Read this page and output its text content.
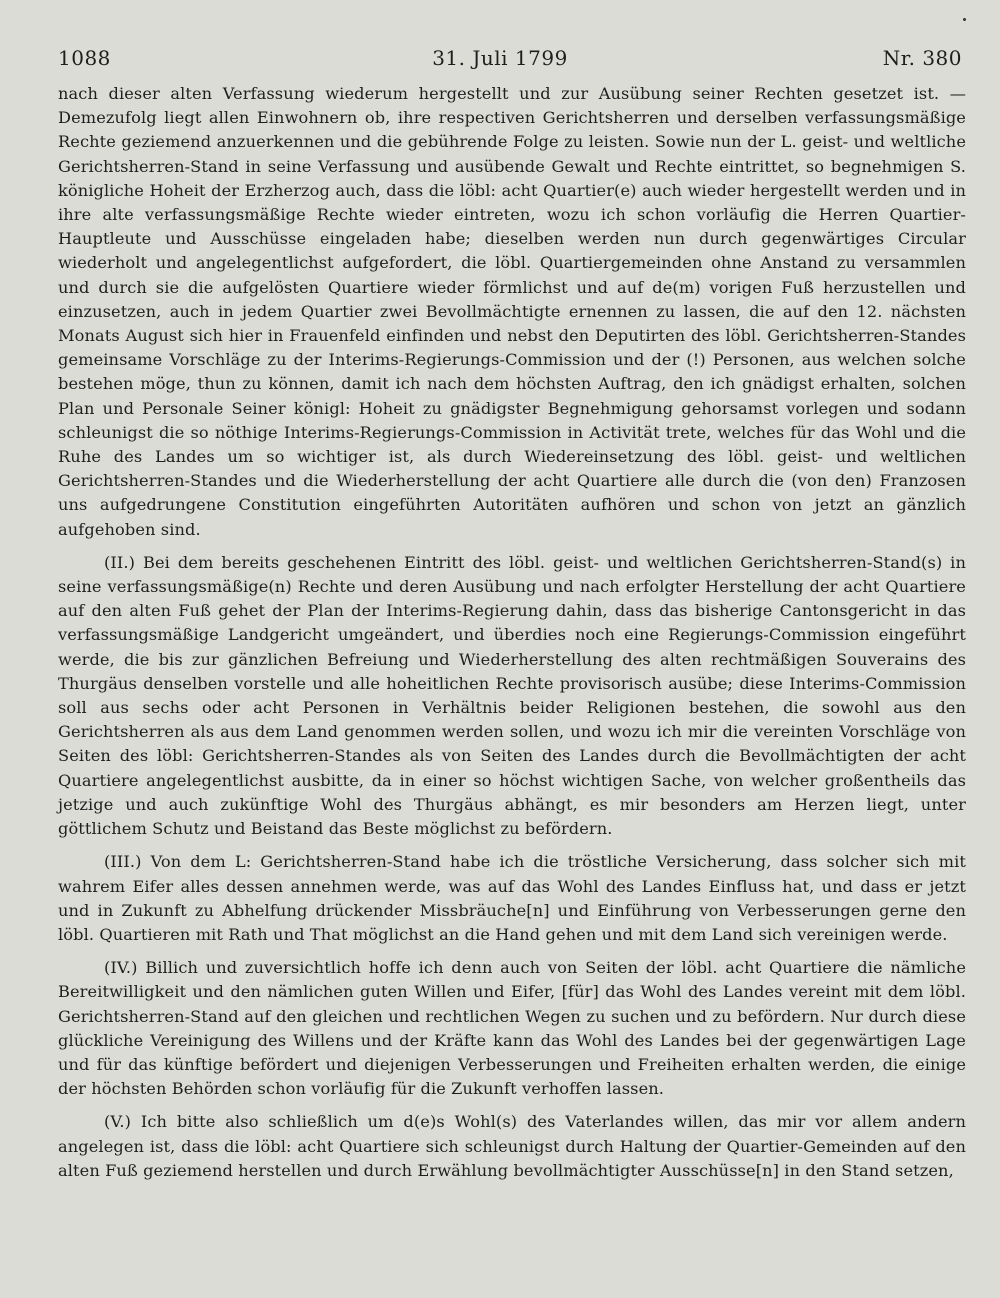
1088	31. Juli 1799	Nr. 380

nach dieser alten Verfassung wiederum hergestellt und zur Ausübung seiner Rechten gesetzet ist. — Demezufolg liegt allen Einwohnern ob, ihre respectiven Gerichtsherren und derselben verfassungsmäßige Rechte geziemend anzuerkennen und die gebührende Folge zu leisten. Sowie nun der L. geist- und weltliche Gerichtsherren-Stand in seine Verfassung und ausübende Gewalt und Rechte eintrittet, so begnehmigen S. königliche Hoheit der Erzherzog auch, dass die löbl: acht Quartier(e) auch wieder hergestellt werden und in ihre alte verfassungsmäßige Rechte wieder eintreten, wozu ich schon vorläufig die Herren Quartier-Hauptleute und Ausschüsse eingeladen habe; dieselben werden nun durch gegenwärtiges Circular wiederholt und angelegentlichst aufgefordert, die löbl. Quartiergemeinden ohne Anstand zu versammlen und durch sie die aufgelösten Quartiere wieder förmlichst und auf de(m) vorigen Fuß herzustellen und einzusetzen, auch in jedem Quartier zwei Bevollmächtigte ernennen zu lassen, die auf den 12. nächsten Monats August sich hier in Frauenfeld einfinden und nebst den Deputirten des löbl. Gerichtsherren-Standes gemeinsame Vorschläge zu der Interims-Regierungs-Commission und der (!) Personen, aus welchen solche bestehen möge, thun zu können, damit ich nach dem höchsten Auftrag, den ich gnädigst erhalten, solchen Plan und Personale Seiner königl: Hoheit zu gnädigster Begnehmigung gehorsamst vorlegen und sodann schleunigst die so nöthige Interims-Regierungs-Commission in Activität trete, welches für das Wohl und die Ruhe des Landes um so wichtiger ist, als durch Wiedereinsetzung des löbl. geist- und weltlichen Gerichtsherren-Standes und die Wiederherstellung der acht Quartiere alle durch die (von den) Franzosen uns aufgedrungene Constitution eingeführten Autoritäten aufhören und schon von jetzt an gänzlich aufgehoben sind.

(II.) Bei dem bereits geschehenen Eintritt des löbl. geist- und weltlichen Gerichtsherren-Stand(s) in seine verfassungsmäßige(n) Rechte und deren Ausübung und nach erfolgter Herstellung der acht Quartiere auf den alten Fuß gehet der Plan der Interims-Regierung dahin, dass das bisherige Cantonsgericht in das verfassungsmäßige Landgericht umgeändert, und überdies noch eine Regierungs-Commission eingeführt werde, die bis zur gänzlichen Befreiung und Wiederherstellung des alten rechtmäßigen Souverains des Thurgäus denselben vorstelle und alle hoheitlichen Rechte provisorisch ausübe; diese Interims-Commission soll aus sechs oder acht Personen in Verhältnis beider Religionen bestehen, die sowohl aus den Gerichtsherren als aus dem Land genommen werden sollen, und wozu ich mir die vereinten Vorschläge von Seiten des löbl: Gerichtsherren-Standes als von Seiten des Landes durch die Bevollmächtigten der acht Quartiere angelegentlichst ausbitte, da in einer so höchst wichtigen Sache, von welcher großentheils das jetzige und auch zukünftige Wohl des Thurgäus abhängt, es mir besonders am Herzen liegt, unter göttlichem Schutz und Beistand das Beste möglichst zu befördern.

(III.) Von dem L: Gerichtsherren-Stand habe ich die tröstliche Versicherung, dass solcher sich mit wahrem Eifer alles dessen annehmen werde, was auf das Wohl des Landes Einfluss hat, und dass er jetzt und in Zukunft zu Abhelfung drückender Missbräuche[n] und Einführung von Verbesserungen gerne den löbl. Quartieren mit Rath und That möglichst an die Hand gehen und mit dem Land sich vereinigen werde.

(IV.) Billich und zuversichtlich hoffe ich denn auch von Seiten der löbl. acht Quartiere die nämliche Bereitwilligkeit und den nämlichen guten Willen und Eifer, [für] das Wohl des Landes vereint mit dem löbl. Gerichtsherren-Stand auf den gleichen und rechtlichen Wegen zu suchen und zu befördern. Nur durch diese glückliche Vereinigung des Willens und der Kräfte kann das Wohl des Landes bei der gegenwärtigen Lage und für das künftige befördert und diejenigen Verbesserungen und Freiheiten erhalten werden, die einige der höchsten Behörden schon vorläufig für die Zukunft verhoffen lassen.

(V.) Ich bitte also schließlich um d(e)s Wohl(s) des Vaterlandes willen, das mir vor allem andern angelegen ist, dass die löbl: acht Quartiere sich schleunigst durch Haltung der Quartier-Gemeinden auf den alten Fuß geziemend herstellen und durch Erwählung bevollmächtigter Ausschüsse[n] in den Stand setzen,
